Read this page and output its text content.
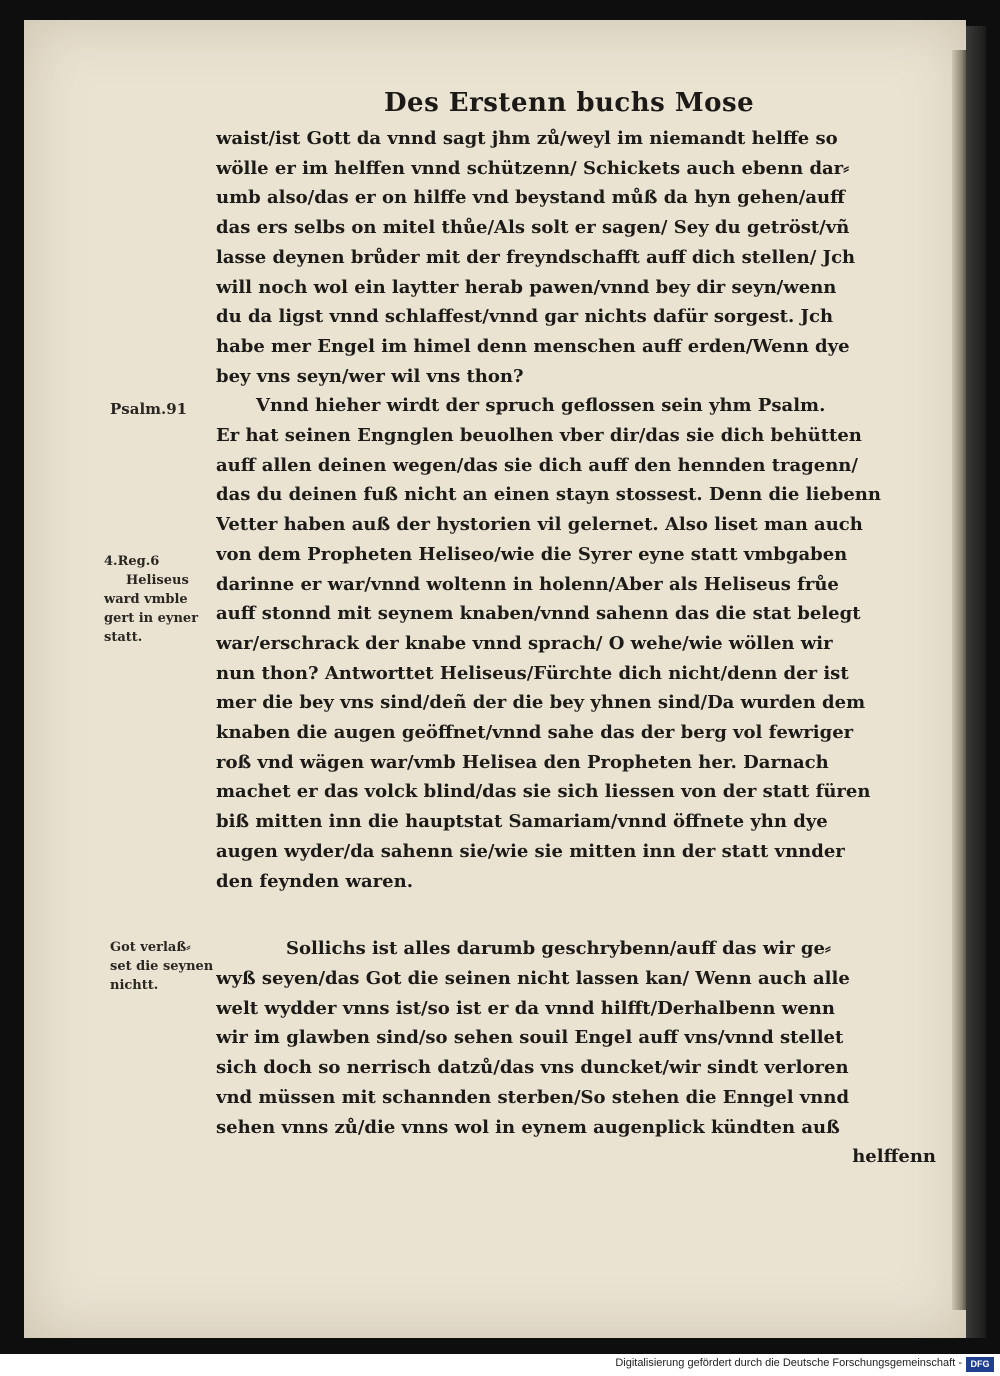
Des Erstenn buchs Mose
Psalm.91
4.Reg.6
Heliseus
ward vmble
gert in eyner
statt.
Got verlaß⸗
set die seynen
nichtt.
waist/ist Gott da vnnd sagt jhm zů/weyl im niemandt helffe so
wölle er im helffen vnnd schützenn/ Schickets auch ebenn dar⸗
umb also/das er on hilffe vnd beystand můß da hyn gehen/auff
das ers selbs on mitel thůe/Als solt er sagen/ Sey du getröst/vñ
lasse deynen brůder mit der freyndschafft auff dich stellen/ Jch
will noch wol ein laytter herab pawen/vnnd bey dir seyn/wenn
du da ligst vnnd schlaffest/vnnd gar nichts dafür sorgest. Jch
habe mer Engel im himel denn menschen auff erden/Wenn dye
bey vns seyn/wer wil vns thon?
Vnnd hieher wirdt der spruch geflossen sein yhm Psalm.
Er hat seinen Engnglen beuolhen vber dir/das sie dich behütten
auff allen deinen wegen/das sie dich auff den hennden tragenn/
das du deinen fuß nicht an einen stayn stossest. Denn die liebenn
Vetter haben auß der hystorien vil gelernet. Also liset man auch
von dem Propheten Heliseo/wie die Syrer eyne statt vmbgaben
darinne er war/vnnd woltenn in holenn/Aber als Heliseus frůe
auff stonnd mit seynem knaben/vnnd sahenn das die stat belegt
war/erschrack der knabe vnnd sprach/ O wehe/wie wöllen wir
nun thon? Antworttet Heliseus/Fürchte dich nicht/denn der ist
mer die bey vns sind/deñ der die bey yhnen sind/Da wurden dem
knaben die augen geöffnet/vnnd sahe das der berg vol fewriger
roß vnd wägen war/vmb Helisea den Propheten her. Darnach
machet er das volck blind/das sie sich liessen von der statt füren
biß mitten inn die hauptstat Samariam/vnnd öffnete yhn dye
augen wyder/da sahenn sie/wie sie mitten inn der statt vnnder
den feynden waren.
Sollichs ist alles darumb geschrybenn/auff das wir ge⸗
wyß seyen/das Got die seinen nicht lassen kan/ Wenn auch alle
welt wydder vnns ist/so ist er da vnnd hilfft/Derhalbenn wenn
wir im glawben sind/so sehen souil Engel auff vns/vnnd stellet
sich doch so nerrisch datzů/das vns duncket/wir sindt verloren
vnd müssen mit schannden sterben/So stehen die Enngel vnnd
sehen vnns zů/die vnns wol in eynem augenplick kündten auß
helffenn
Digitalisierung gefördert durch die Deutsche Forschungsgemeinschaft - DFG
